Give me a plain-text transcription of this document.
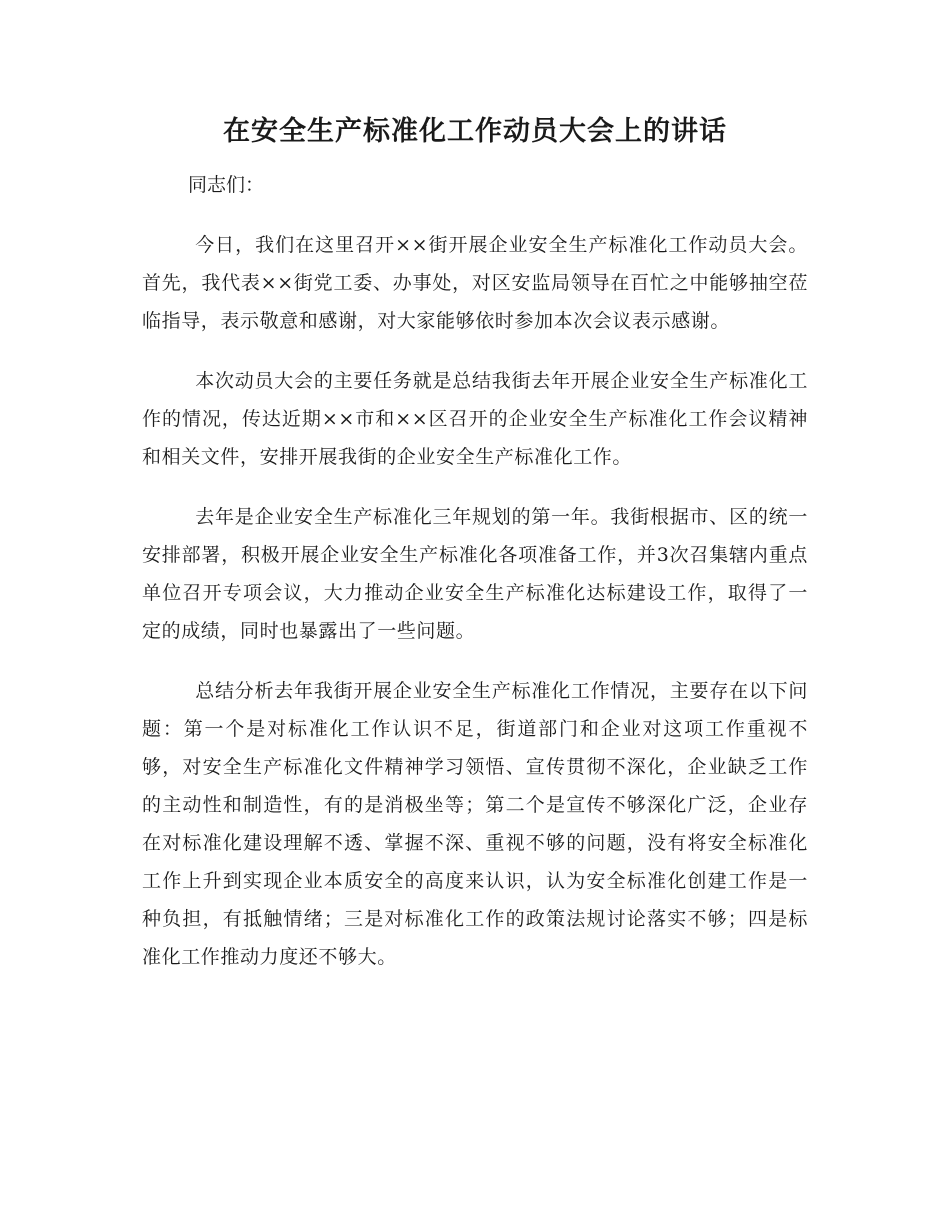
在安全生产标准化工作动员大会上的讲话

同志们：

今日，我们在这里召开××街开展企业安全生产标准化工作动员大会。首先，我代表××街党工委、办事处，对区安监局领导在百忙之中能够抽空莅临指导，表示敬意和感谢，对大家能够依时参加本次会议表示感谢。

本次动员大会的主要任务就是总结我街去年开展企业安全生产标准化工作的情况，传达近期××市和××区召开的企业安全生产标准化工作会议精神和相关文件，安排开展我街的企业安全生产标准化工作。

去年是企业安全生产标准化三年规划的第一年。我街根据市、区的统一安排部署，积极开展企业安全生产标准化各项准备工作，并3次召集辖内重点单位召开专项会议，大力推动企业安全生产标准化达标建设工作，取得了一定的成绩，同时也暴露出了一些问题。

总结分析去年我街开展企业安全生产标准化工作情况，主要存在以下问题：第一个是对标准化工作认识不足，街道部门和企业对这项工作重视不够，对安全生产标准化文件精神学习领悟、宣传贯彻不深化，企业缺乏工作的主动性和制造性，有的是消极坐等；第二个是宣传不够深化广泛，企业存在对标准化建设理解不透、掌握不深、重视不够的问题，没有将安全标准化工作上升到实现企业本质安全的高度来认识，认为安全标准化创建工作是一种负担，有抵触情绪；三是对标准化工作的政策法规讨论落实不够；四是标准化工作推动力度还不够大。
